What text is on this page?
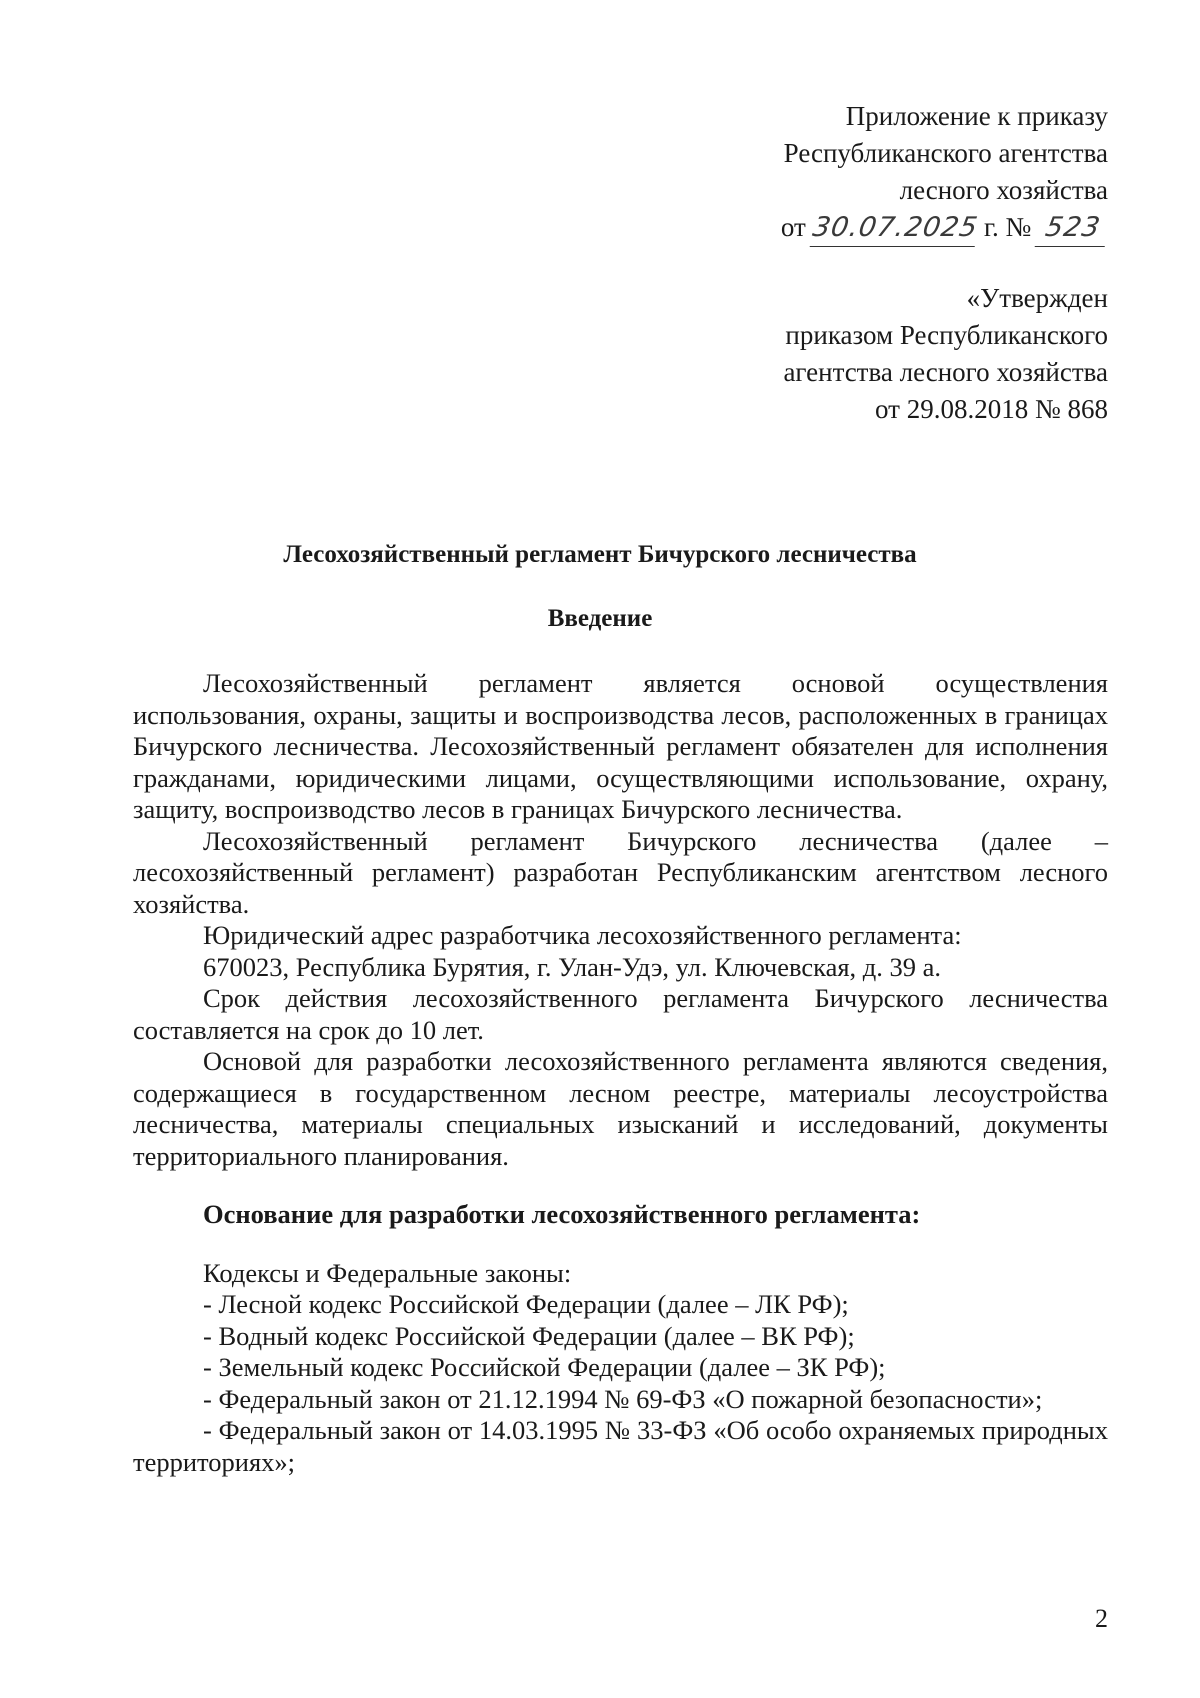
Приложение к приказу
Республиканского агентства
лесного хозяйства
от 30.07.2025 г. № 523
«Утвержден
приказом Республиканского
агентства лесного хозяйства
от 29.08.2018 № 868
Лесохозяйственный регламент Бичурского лесничества
Введение

Лесохозяйственный регламент является основой осуществления использования, охраны, защиты и воспроизводства лесов, расположенных в границах Бичурского лесничества. Лесохозяйственный регламент обязателен для исполнения гражданами, юридическими лицами, осуществляющими использование, охрану, защиту, воспроизводство лесов в границах Бичурского лесничества.

Лесохозяйственный регламент Бичурского лесничества (далее – лесохозяйственный регламент) разработан Республиканским агентством лесного хозяйства.

Юридический адрес разработчика лесохозяйственного регламента:

670023, Республика Бурятия, г. Улан-Удэ, ул. Ключевская, д. 39 а.

Срок действия лесохозяйственного регламента Бичурского лесничества составляется на срок до 10 лет.

Основой для разработки лесохозяйственного регламента являются сведения, содержащиеся в государственном лесном реестре, материалы лесоустройства лесничества, материалы специальных изысканий и исследований, документы территориального планирования.

Основание для разработки лесохозяйственного регламента:

Кодексы и Федеральные законы:

- Лесной кодекс Российской Федерации (далее – ЛК РФ);

- Водный кодекс Российской Федерации (далее – ВК РФ);

- Земельный кодекс Российской Федерации (далее – ЗК РФ);

- Федеральный закон от 21.12.1994 № 69-ФЗ «О пожарной безопасности»;

- Федеральный закон от 14.03.1995 № 33-ФЗ «Об особо охраняемых природных территориях»;

2
